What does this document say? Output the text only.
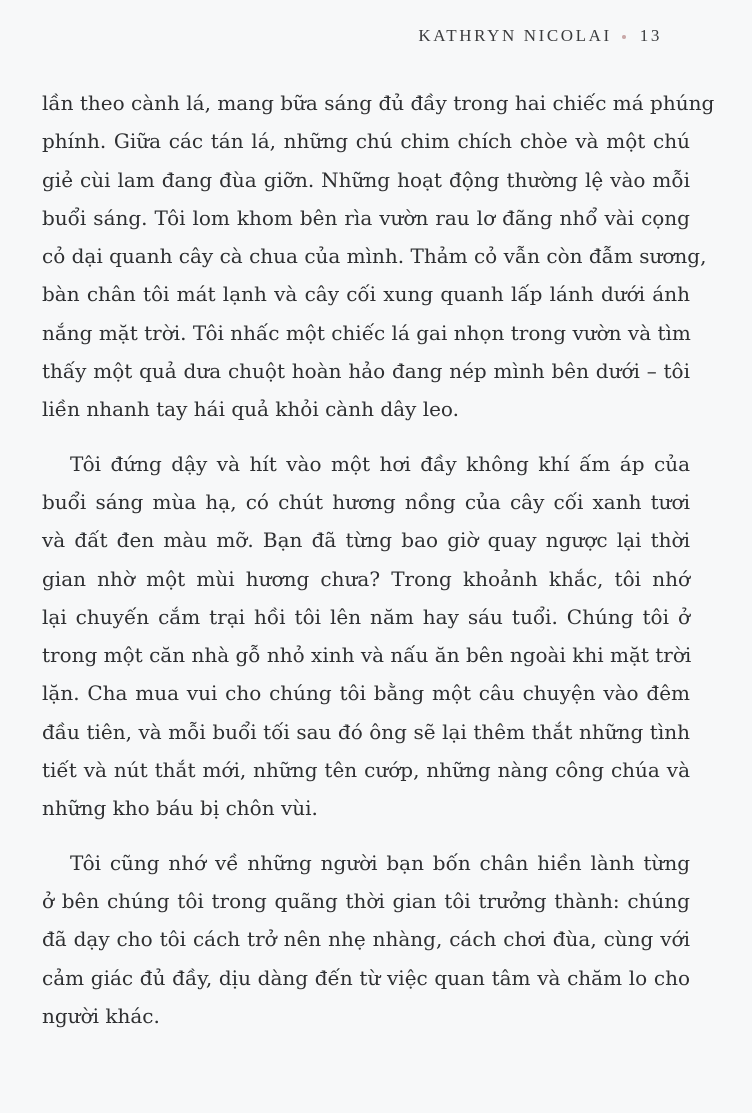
KATHRYN NICOLAI 13

lần theo cành lá, mang bữa sáng đủ đầy trong hai chiếc má phúng
phính. Giữa các tán lá, những chú chim chích chòe và một chú
giẻ cùi lam đang đùa giỡn. Những hoạt động thường lệ vào mỗi
buổi sáng. Tôi lom khom bên rìa vườn rau lơ đãng nhổ vài cọng
cỏ dại quanh cây cà chua của mình. Thảm cỏ vẫn còn đẫm sương,
bàn chân tôi mát lạnh và cây cối xung quanh lấp lánh dưới ánh
nắng mặt trời. Tôi nhấc một chiếc lá gai nhọn trong vườn và tìm
thấy một quả dưa chuột hoàn hảo đang nép mình bên dưới – tôi
liền nhanh tay hái quả khỏi cành dây leo.

Tôi đứng dậy và hít vào một hơi đầy không khí ấm áp của
buổi sáng mùa hạ, có chút hương nồng của cây cối xanh tươi
và đất đen màu mỡ. Bạn đã từng bao giờ quay ngược lại thời
gian nhờ một mùi hương chưa? Trong khoảnh khắc, tôi nhớ
lại chuyến cắm trại hồi tôi lên năm hay sáu tuổi. Chúng tôi ở
trong một căn nhà gỗ nhỏ xinh và nấu ăn bên ngoài khi mặt trời
lặn. Cha mua vui cho chúng tôi bằng một câu chuyện vào đêm
đầu tiên, và mỗi buổi tối sau đó ông sẽ lại thêm thắt những tình
tiết và nút thắt mới, những tên cướp, những nàng công chúa và
những kho báu bị chôn vùi.

Tôi cũng nhớ về những người bạn bốn chân hiền lành từng
ở bên chúng tôi trong quãng thời gian tôi trưởng thành: chúng
đã dạy cho tôi cách trở nên nhẹ nhàng, cách chơi đùa, cùng với
cảm giác đủ đầy, dịu dàng đến từ việc quan tâm và chăm lo cho
người khác.
